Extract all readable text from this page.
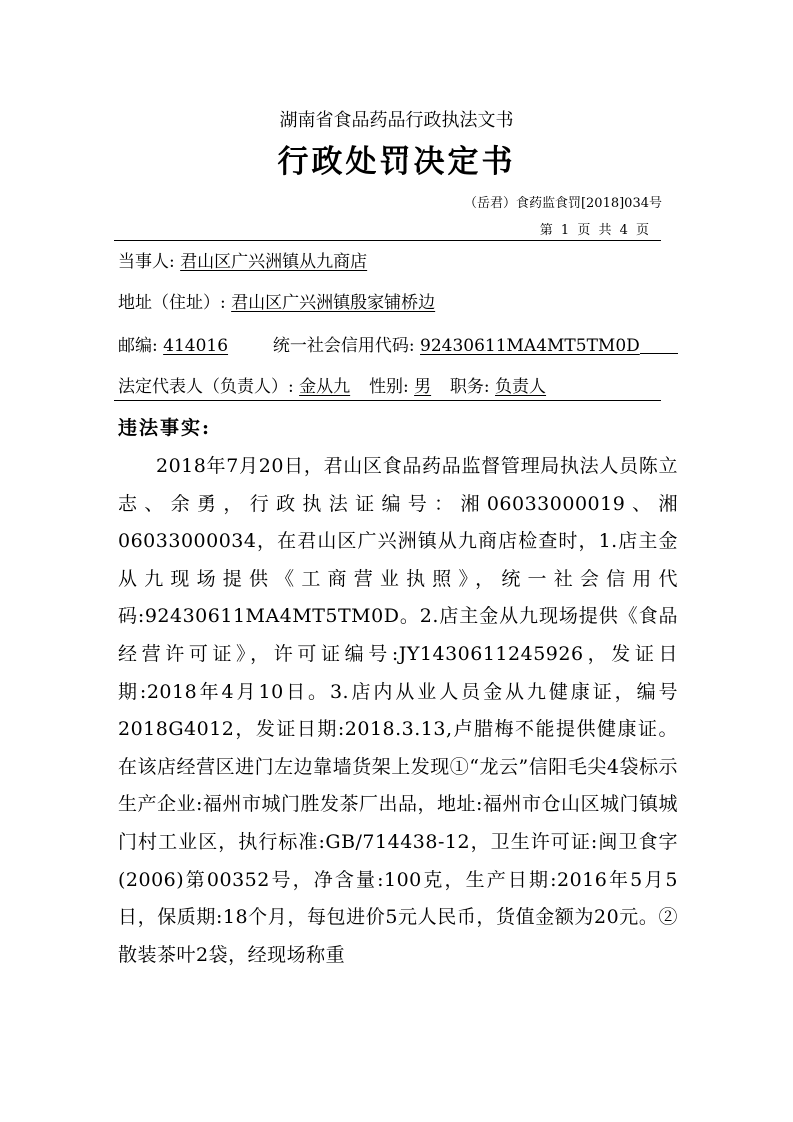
湖南省食品药品行政执法文书
行政处罚决定书
（岳君）食药监食罚[2018]034号
第 1 页 共 4 页
当事人: 君山区广兴洲镇从九商店
地址（住址）: 君山区广兴洲镇殷家铺桥边
邮编: 414016	统一社会信用代码: 92430611MA4MT5TM0D
法定代表人（负责人）: 金从九 性别: 男 职务: 负责人
违法事实:

2018年7月20日，君山区食品药品监督管理局执法人员陈立志、余勇，行政执法证编号：湘06033000019、湘06033000034，在君山区广兴洲镇从九商店检查时，1.店主金从九现场提供《工商营业执照》，统一社会信用代码:92430611MA4MT5TM0D。2.店主金从九现场提供《食品经营许可证》，许可证编号:JY1430611245926，发证日期:2018年4月10日。3.店内从业人员金从九健康证，编号2018G4012，发证日期:2018.3.13,卢腊梅不能提供健康证。在该店经营区进门左边靠墙货架上发现①“龙云”信阳毛尖4袋标示生产企业:福州市城门胜发茶厂出品，地址:福州市仓山区城门镇城门村工业区，执行标准:GB/714438-12，卫生许可证:闽卫食字(2006)第00352号，净含量:100克，生产日期:2016年5月5日，保质期:18个月，每包进价5元人民币，货值金额为20元。②散装茶叶2袋，经现场称重
